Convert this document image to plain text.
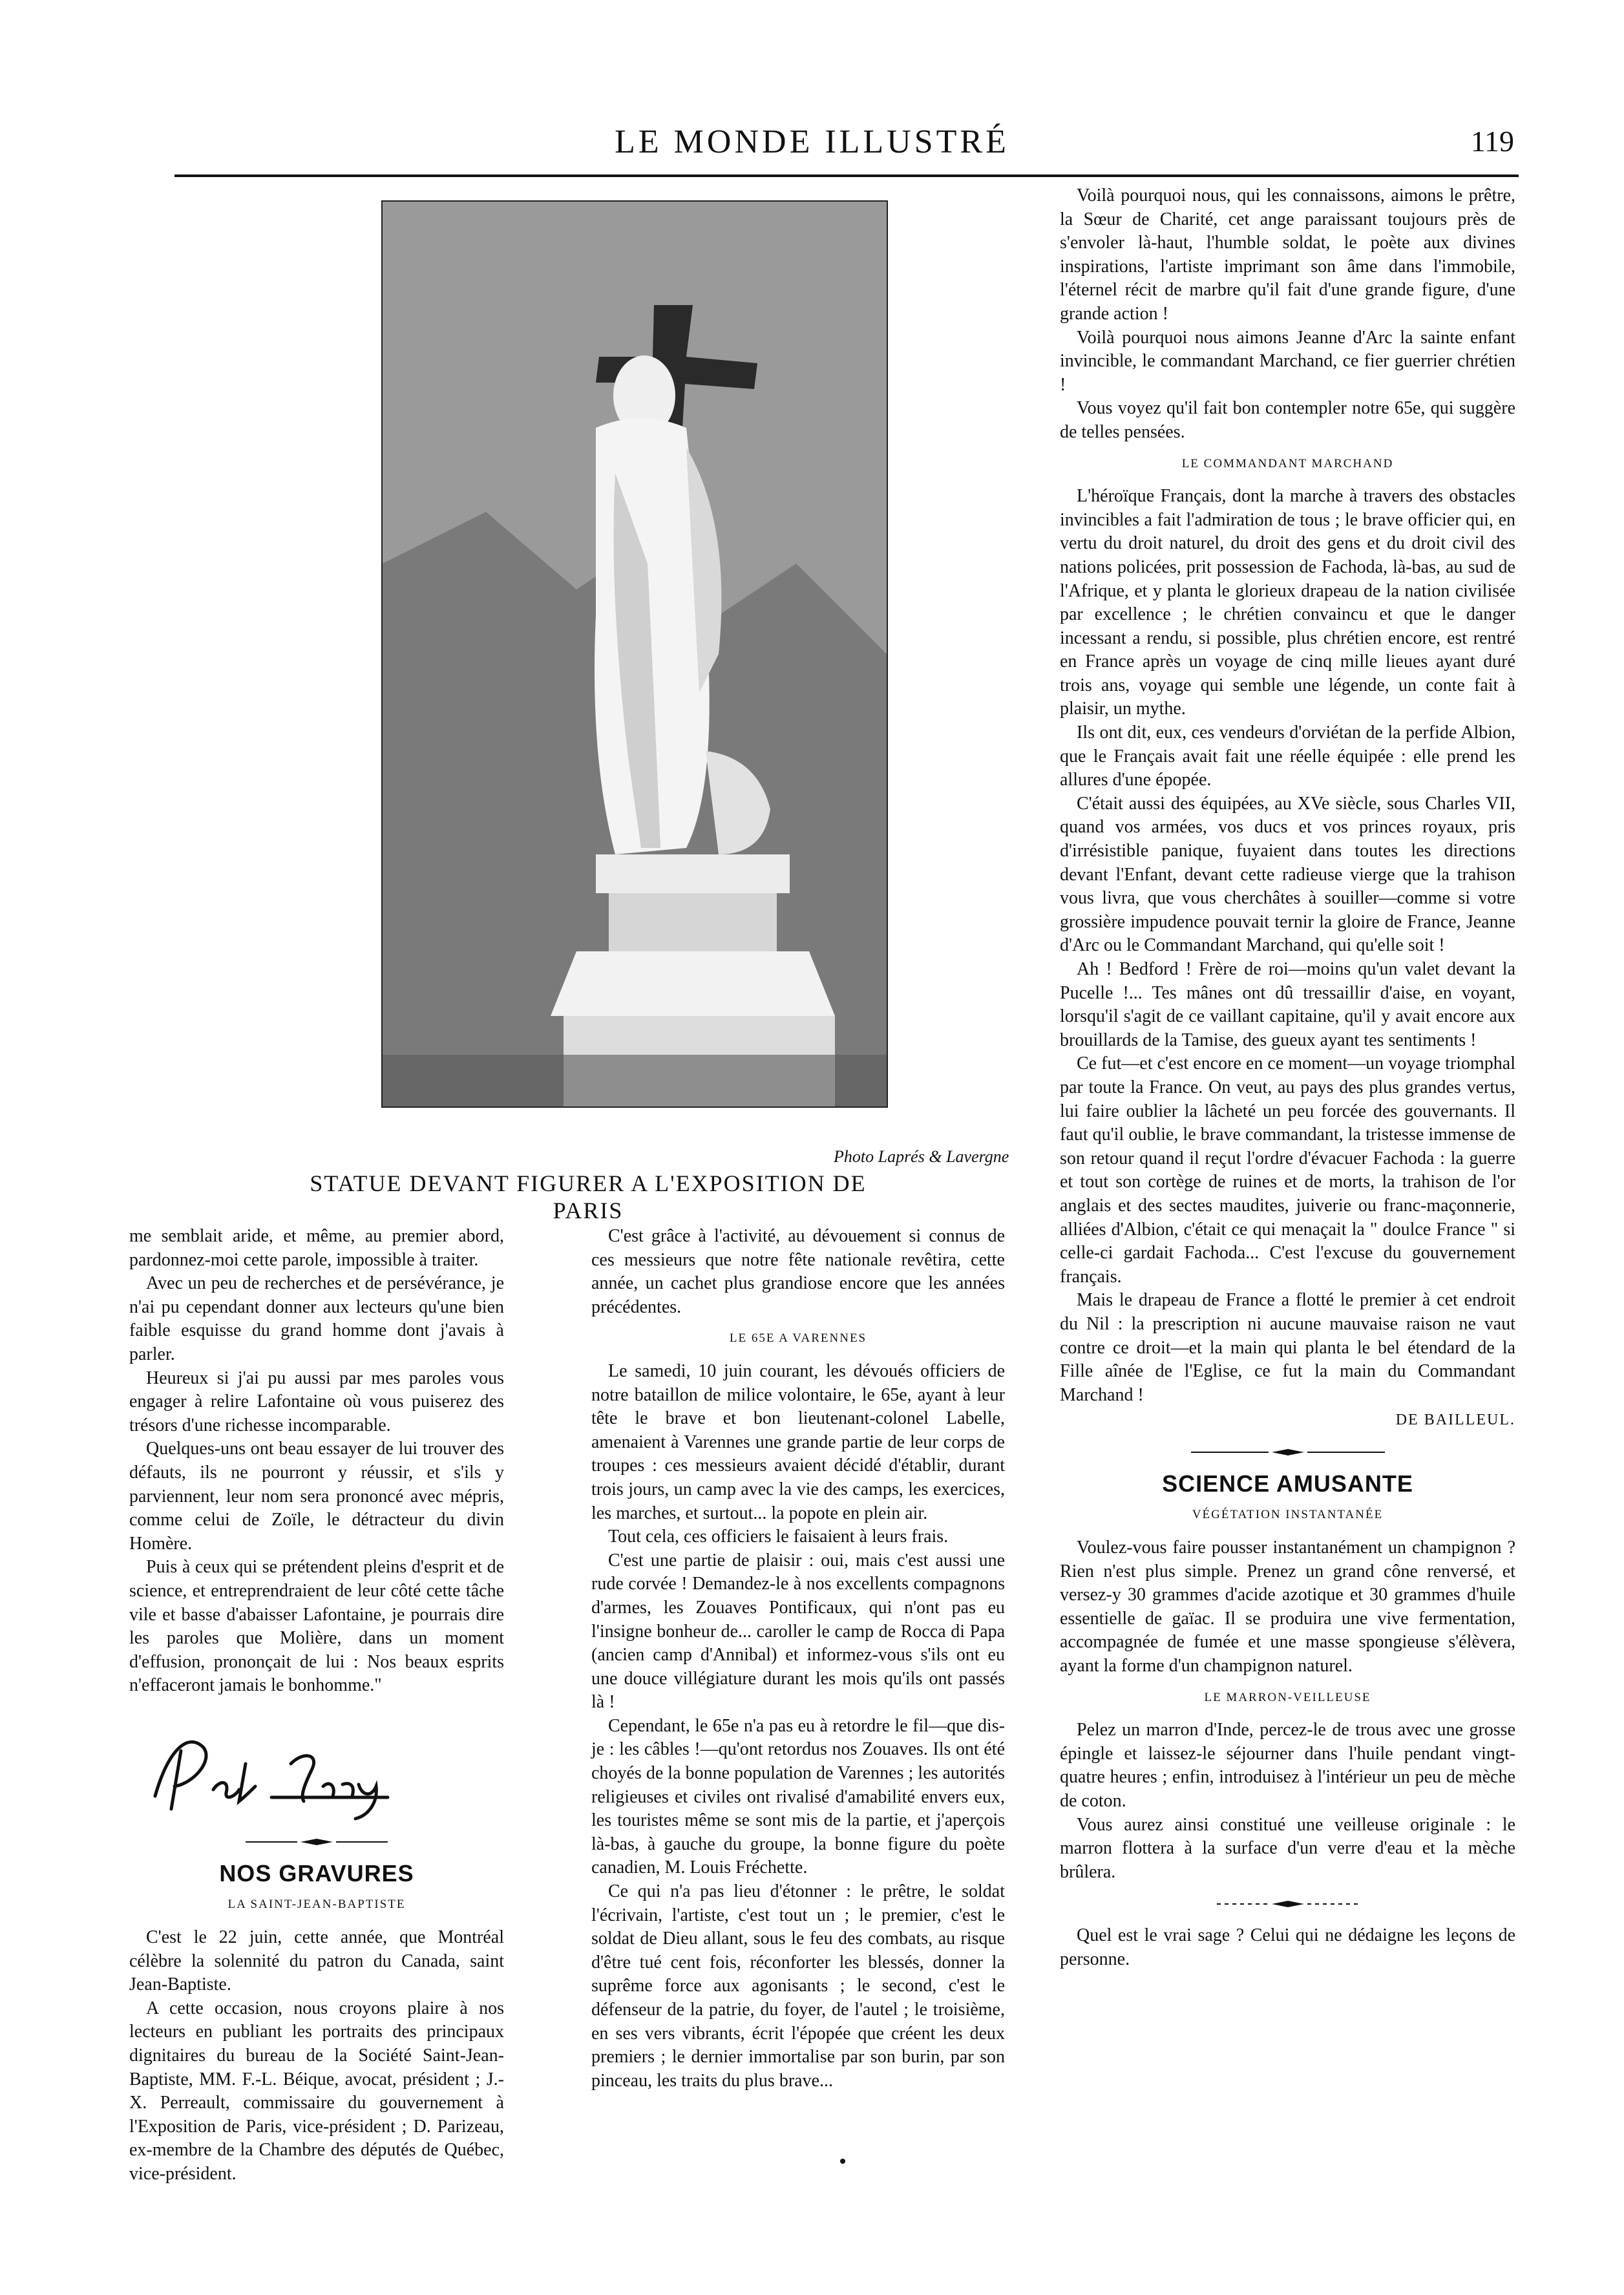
LE MONDE ILLUSTRÉ	119
Photo Laprés & Lavergne
STATUE DEVANT FIGURER A L'EXPOSITION DE PARIS

me semblait aride, et même, au premier abord, pardonnez-moi cette parole, impossible à traiter.

Avec un peu de recherches et de persévérance, je n'ai pu cependant donner aux lecteurs qu'une bien faible esquisse du grand homme dont j'avais à parler.

Heureux si j'ai pu aussi par mes paroles vous engager à relire Lafontaine où vous puiserez des trésors d'une richesse incomparable.

Quelques-uns ont beau essayer de lui trouver des défauts, ils ne pourront y réussir, et s'ils y parviennent, leur nom sera prononcé avec mépris, comme celui de Zoïle, le détracteur du divin Homère.

Puis à ceux qui se prétendent pleins d'esprit et de science, et entreprendraient de leur côté cette tâche vile et basse d'abaisser Lafontaine, je pourrais dire les paroles que Molière, dans un moment d'effusion, prononçait de lui : Nos beaux esprits n'effaceront jamais le bonhomme."

NOS GRAVURES
LA SAINT-JEAN-BAPTISTE

C'est le 22 juin, cette année, que Montréal célèbre la solennité du patron du Canada, saint Jean-Baptiste.

A cette occasion, nous croyons plaire à nos lecteurs en publiant les portraits des principaux dignitaires du bureau de la Société Saint-Jean-Baptiste, MM. F.-L. Béique, avocat, président ; J.-X. Perreault, commissaire du gouvernement à l'Exposition de Paris, vice-président ; D. Parizeau, ex-membre de la Chambre des députés de Québec, vice-président.

C'est grâce à l'activité, au dévouement si connus de ces messieurs que notre fête nationale revêtira, cette année, un cachet plus grandiose encore que les années précédentes.

LE 65E A VARENNES

Le samedi, 10 juin courant, les dévoués officiers de notre bataillon de milice volontaire, le 65e, ayant à leur tête le brave et bon lieutenant-colonel Labelle, amenaient à Varennes une grande partie de leur corps de troupes : ces messieurs avaient décidé d'établir, durant trois jours, un camp avec la vie des camps, les exercices, les marches, et surtout... la popote en plein air.

Tout cela, ces officiers le faisaient à leurs frais.

C'est une partie de plaisir : oui, mais c'est aussi une rude corvée ! Demandez-le à nos excellents compagnons d'armes, les Zouaves Pontificaux, qui n'ont pas eu l'insigne bonheur de... caroller le camp de Rocca di Papa (ancien camp d'Annibal) et informez-vous s'ils ont eu une douce villégiature durant les mois qu'ils ont passés là !

Cependant, le 65e n'a pas eu à retordre le fil—que dis-je : les câbles !—qu'ont retordus nos Zouaves. Ils ont été choyés de la bonne population de Varennes ; les autorités religieuses et civiles ont rivalisé d'amabilité envers eux, les touristes même se sont mis de la partie, et j'aperçois là-bas, à gauche du groupe, la bonne figure du poète canadien, M. Louis Fréchette.

Ce qui n'a pas lieu d'étonner : le prêtre, le soldat l'écrivain, l'artiste, c'est tout un ; le premier, c'est le soldat de Dieu allant, sous le feu des combats, au risque d'être tué cent fois, réconforter les blessés, donner la suprême force aux agonisants ; le second, c'est le défenseur de la patrie, du foyer, de l'autel ; le troisième, en ses vers vibrants, écrit l'épopée que créent les deux premiers ; le dernier immortalise par son burin, par son pinceau, les traits du plus brave...

Voilà pourquoi nous, qui les connaissons, aimons le prêtre, la Sœur de Charité, cet ange paraissant toujours près de s'envoler là-haut, l'humble soldat, le poète aux divines inspirations, l'artiste imprimant son âme dans l'immobile, l'éternel récit de marbre qu'il fait d'une grande figure, d'une grande action !

Voilà pourquoi nous aimons Jeanne d'Arc la sainte enfant invincible, le commandant Marchand, ce fier guerrier chrétien !

Vous voyez qu'il fait bon contempler notre 65e, qui suggère de telles pensées.

LE COMMANDANT MARCHAND

L'héroïque Français, dont la marche à travers des obstacles invincibles a fait l'admiration de tous ; le brave officier qui, en vertu du droit naturel, du droit des gens et du droit civil des nations policées, prit possession de Fachoda, là-bas, au sud de l'Afrique, et y planta le glorieux drapeau de la nation civilisée par excellence ; le chrétien convaincu et que le danger incessant a rendu, si possible, plus chrétien encore, est rentré en France après un voyage de cinq mille lieues ayant duré trois ans, voyage qui semble une légende, un conte fait à plaisir, un mythe.

Ils ont dit, eux, ces vendeurs d'orviétan de la perfide Albion, que le Français avait fait une réelle équipée : elle prend les allures d'une épopée.

C'était aussi des équipées, au XVe siècle, sous Charles VII, quand vos armées, vos ducs et vos princes royaux, pris d'irrésistible panique, fuyaient dans toutes les directions devant l'Enfant, devant cette radieuse vierge que la trahison vous livra, que vous cherchâtes à souiller—comme si votre grossière impudence pouvait ternir la gloire de France, Jeanne d'Arc ou le Commandant Marchand, qui qu'elle soit !

Ah ! Bedford ! Frère de roi—moins qu'un valet devant la Pucelle !... Tes mânes ont dû tressaillir d'aise, en voyant, lorsqu'il s'agit de ce vaillant capitaine, qu'il y avait encore aux brouillards de la Tamise, des gueux ayant tes sentiments !

Ce fut—et c'est encore en ce moment—un voyage triomphal par toute la France. On veut, au pays des plus grandes vertus, lui faire oublier la lâcheté un peu forcée des gouvernants. Il faut qu'il oublie, le brave commandant, la tristesse immense de son retour quand il reçut l'ordre d'évacuer Fachoda : la guerre et tout son cortège de ruines et de morts, la trahison de l'or anglais et des sectes maudites, juiverie ou franc-maçonnerie, alliées d'Albion, c'était ce qui menaçait la " doulce France " si celle-ci gardait Fachoda... C'est l'excuse du gouvernement français.

Mais le drapeau de France a flotté le premier à cet endroit du Nil : la prescription ni aucune mauvaise raison ne vaut contre ce droit—et la main qui planta le bel étendard de la Fille aînée de l'Eglise, ce fut la main du Commandant Marchand !

DE BAILLEUL.
SCIENCE AMUSANTE
VÉGÉTATION INSTANTANÉE

Voulez-vous faire pousser instantanément un champignon ? Rien n'est plus simple. Prenez un grand cône renversé, et versez-y 30 grammes d'acide azotique et 30 grammes d'huile essentielle de gaïac. Il se produira une vive fermentation, accompagnée de fumée et une masse spongieuse s'élèvera, ayant la forme d'un champignon naturel.

LE MARRON-VEILLEUSE

Pelez un marron d'Inde, percez-le de trous avec une grosse épingle et laissez-le séjourner dans l'huile pendant vingt-quatre heures ; enfin, introduisez à l'intérieur un peu de mèche de coton.

Vous aurez ainsi constitué une veilleuse originale : le marron flottera à la surface d'un verre d'eau et la mèche brûlera.

Quel est le vrai sage ? Celui qui ne dédaigne les leçons de personne.
